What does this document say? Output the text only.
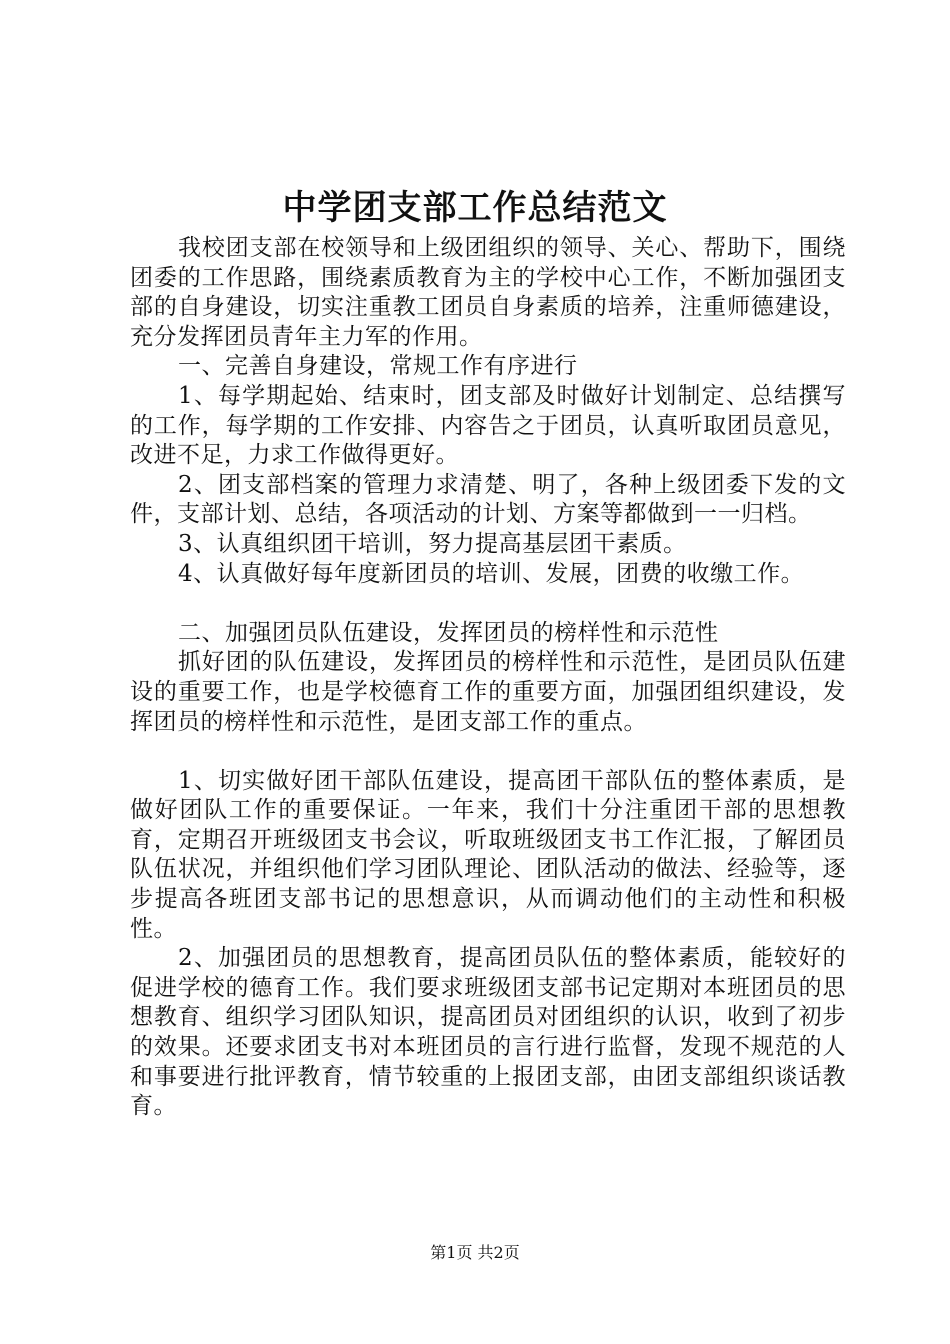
中学团支部工作总结范文

我校团支部在校领导和上级团组织的领导、关心、帮助下，围绕团委的工作思路，围绕素质教育为主的学校中心工作，不断加强团支部的自身建设，切实注重教工团员自身素质的培养，注重师德建设，充分发挥团员青年主力军的作用。

一、完善自身建设，常规工作有序进行

1、每学期起始、结束时，团支部及时做好计划制定、总结撰写的工作，每学期的工作安排、内容告之于团员，认真听取团员意见，改进不足，力求工作做得更好。

2、团支部档案的管理力求清楚、明了，各种上级团委下发的文件，支部计划、总结，各项活动的计划、方案等都做到一一归档。

3、认真组织团干培训，努力提高基层团干素质。

4、认真做好每年度新团员的培训、发展，团费的收缴工作。

二、加强团员队伍建设，发挥团员的榜样性和示范性

抓好团的队伍建设，发挥团员的榜样性和示范性，是团员队伍建设的重要工作，也是学校德育工作的重要方面，加强团组织建设，发挥团员的榜样性和示范性，是团支部工作的重点。

1、切实做好团干部队伍建设，提高团干部队伍的整体素质，是做好团队工作的重要保证。一年来，我们十分注重团干部的思想教育，定期召开班级团支书会议，听取班级团支书工作汇报，了解团员队伍状况，并组织他们学习团队理论、团队活动的做法、经验等，逐步提高各班团支部书记的思想意识，从而调动他们的主动性和积极性。

2、加强团员的思想教育，提高团员队伍的整体素质，能较好的促进学校的德育工作。我们要求班级团支部书记定期对本班团员的思想教育、组织学习团队知识，提高团员对团组织的认识，收到了初步的效果。还要求团支书对本班团员的言行进行监督，发现不规范的人和事要进行批评教育，情节较重的上报团支部，由团支部组织谈话教育。

第1页 共2页
